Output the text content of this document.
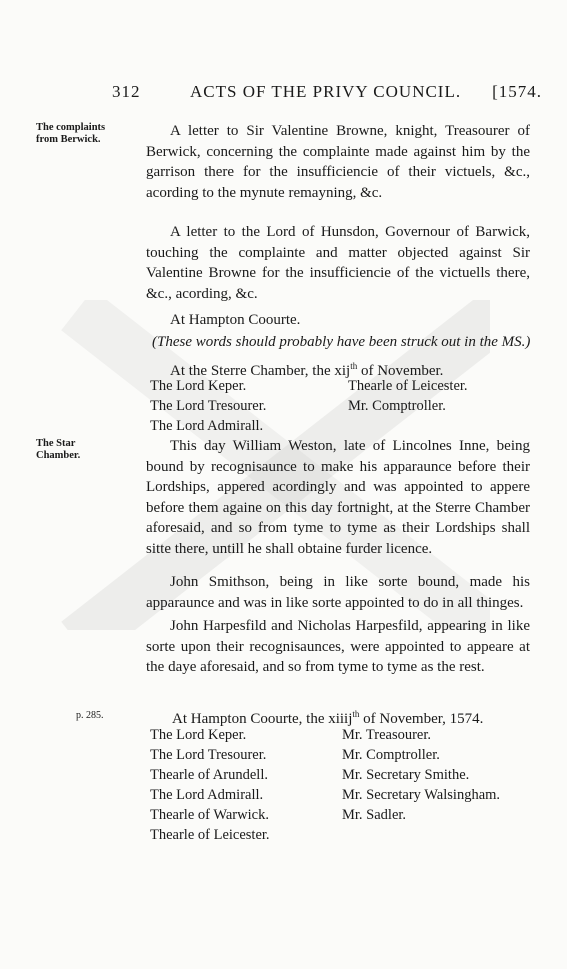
312	ACTS OF THE PRIVY COUNCIL. [1574.
The complaints from Berwick.
A letter to Sir Valentine Browne, knight, Treasourer of Berwick, concerning the complainte made against him by the garrison there for the insufficiencie of their victuels, &c., acording to the mynute remayning, &c.
A letter to the Lord of Hunsdon, Governour of Barwick, touching the complainte and matter objected against Sir Valentine Browne for the insufficiencie of the victuells there, &c., acording, &c.
At Hampton Coourte.
(These words should probably have been struck out in the MS.)
At the Sterre Chamber, the xij$^{th}$ of November.
The Lord Keper.	Thearle of Leicester.
The Lord Tresourer.	Mr. Comptroller.
The Lord Admirall.
The Star Chamber.
This day William Weston, late of Lincolnes Inne, being bound by recognisaunce to make his apparaunce before their Lordships, appered acordingly and was appointed to appere before them againe on this day fortnight, at the Sterre Chamber aforesaid, and so from tyme to tyme as their Lordships shall sitte there, untill he shall obtaine furder licence.
John Smithson, being in like sorte bound, made his apparaunce and was in like sorte appointed to do in all thinges.
John Harpesfild and Nicholas Harpesfild, appearing in like sorte upon their recognisaunces, were appointed to appeare at the daye aforesaid, and so from tyme to tyme as the rest.
p. 285.	At Hampton Coourte, the xiiij$^{th}$ of November, 1574.
The Lord Keper.	Mr. Treasourer.
The Lord Tresourer.	Mr. Comptroller.
Thearle of Arundell.	Mr. Secretary Smithe.
The Lord Admirall.	Mr. Secretary Walsingham.
Thearle of Warwick.	Mr. Sadler.
Thearle of Leicester.
